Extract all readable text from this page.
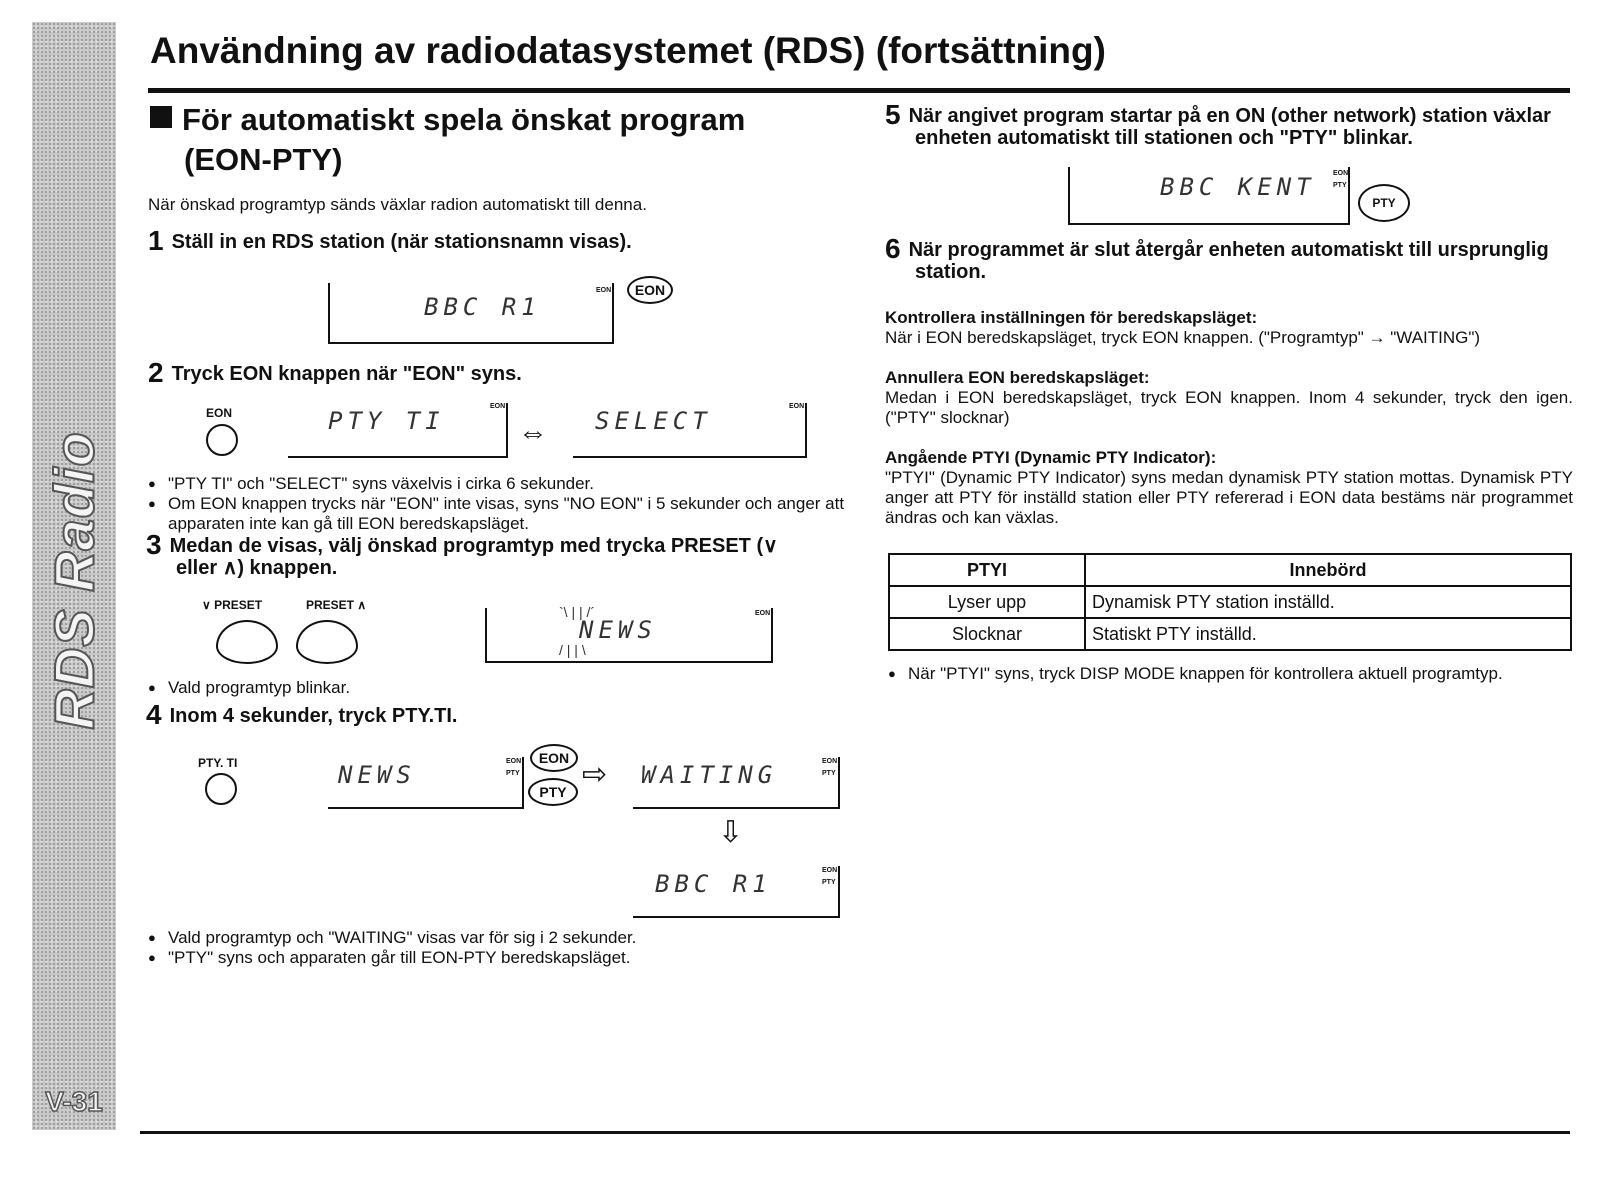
RDS Radio
V-31
Användning av radiodatasystemet (RDS) (fortsättning)
För automatiskt spela önskat program
(EON-PTY)
När önskad programtyp sänds växlar radion automatiskt till denna.
1 Ställ in en RDS station (när stationsnamn visas).
BBC R1
EON	EON
2 Tryck EON knappen när "EON" syns.
EON	PTY TI
EON
⇔ SELECT
EON
● "PTY TI" och "SELECT" syns växelvis i cirka 6 sekunder.
● Om EON knappen trycks när "EON" inte visas, syns "NO EON" i 5 sekunder och anger att apparaten inte kan gå till EON beredskapsläget.
3 Medan de visas, välj önskad programtyp med trycka PRESET (∨
eller ∧) knappen.
∨ PRESET	PRESET ∧
NEWS
`\ | | /´
/ | | \
EON
● Vald programtyp blinkar.
4 Inom 4 sekunder, tryck PTY.TI.
PTY. TI	NEWS	EON
PTY
EON
PTY
⇨ WAITING	EON
PTY
⇩
BBC R1	EON
PTY
● Vald programtyp och "WAITING" visas var för sig i 2 sekunder.
● "PTY" syns och apparaten går till EON-PTY beredskapsläget.
5 När angivet program startar på en ON (other network) station växlar
enheten automatiskt till stationen och "PTY" blinkar.
BBC KENT EON
PTY
PTY
6 När programmet är slut återgår enheten automatiskt till ursprunglig
station.
Kontrollera inställningen för beredskapsläget:
När i EON beredskapsläget, tryck EON knappen. ("Programtyp" → "WAITING")
Annullera EON beredskapsläget:
Medan i EON beredskapsläget, tryck EON knappen. Inom 4 sekunder, tryck den igen. ("PTY" slocknar)
Angående PTYI (Dynamic PTY Indicator):
"PTYI" (Dynamic PTY Indicator) syns medan dynamisk PTY station mottas. Dynamisk PTY anger att PTY för inställd station eller PTY refererad i EON data bestäms när programmet ändras och kan växlas.
PTYI	Innebörd
Lyser upp	Dynamisk PTY station inställd.
Slocknar	Statiskt PTY inställd.
● När "PTYI" syns, tryck DISP MODE knappen för kontrollera aktuell programtyp.
